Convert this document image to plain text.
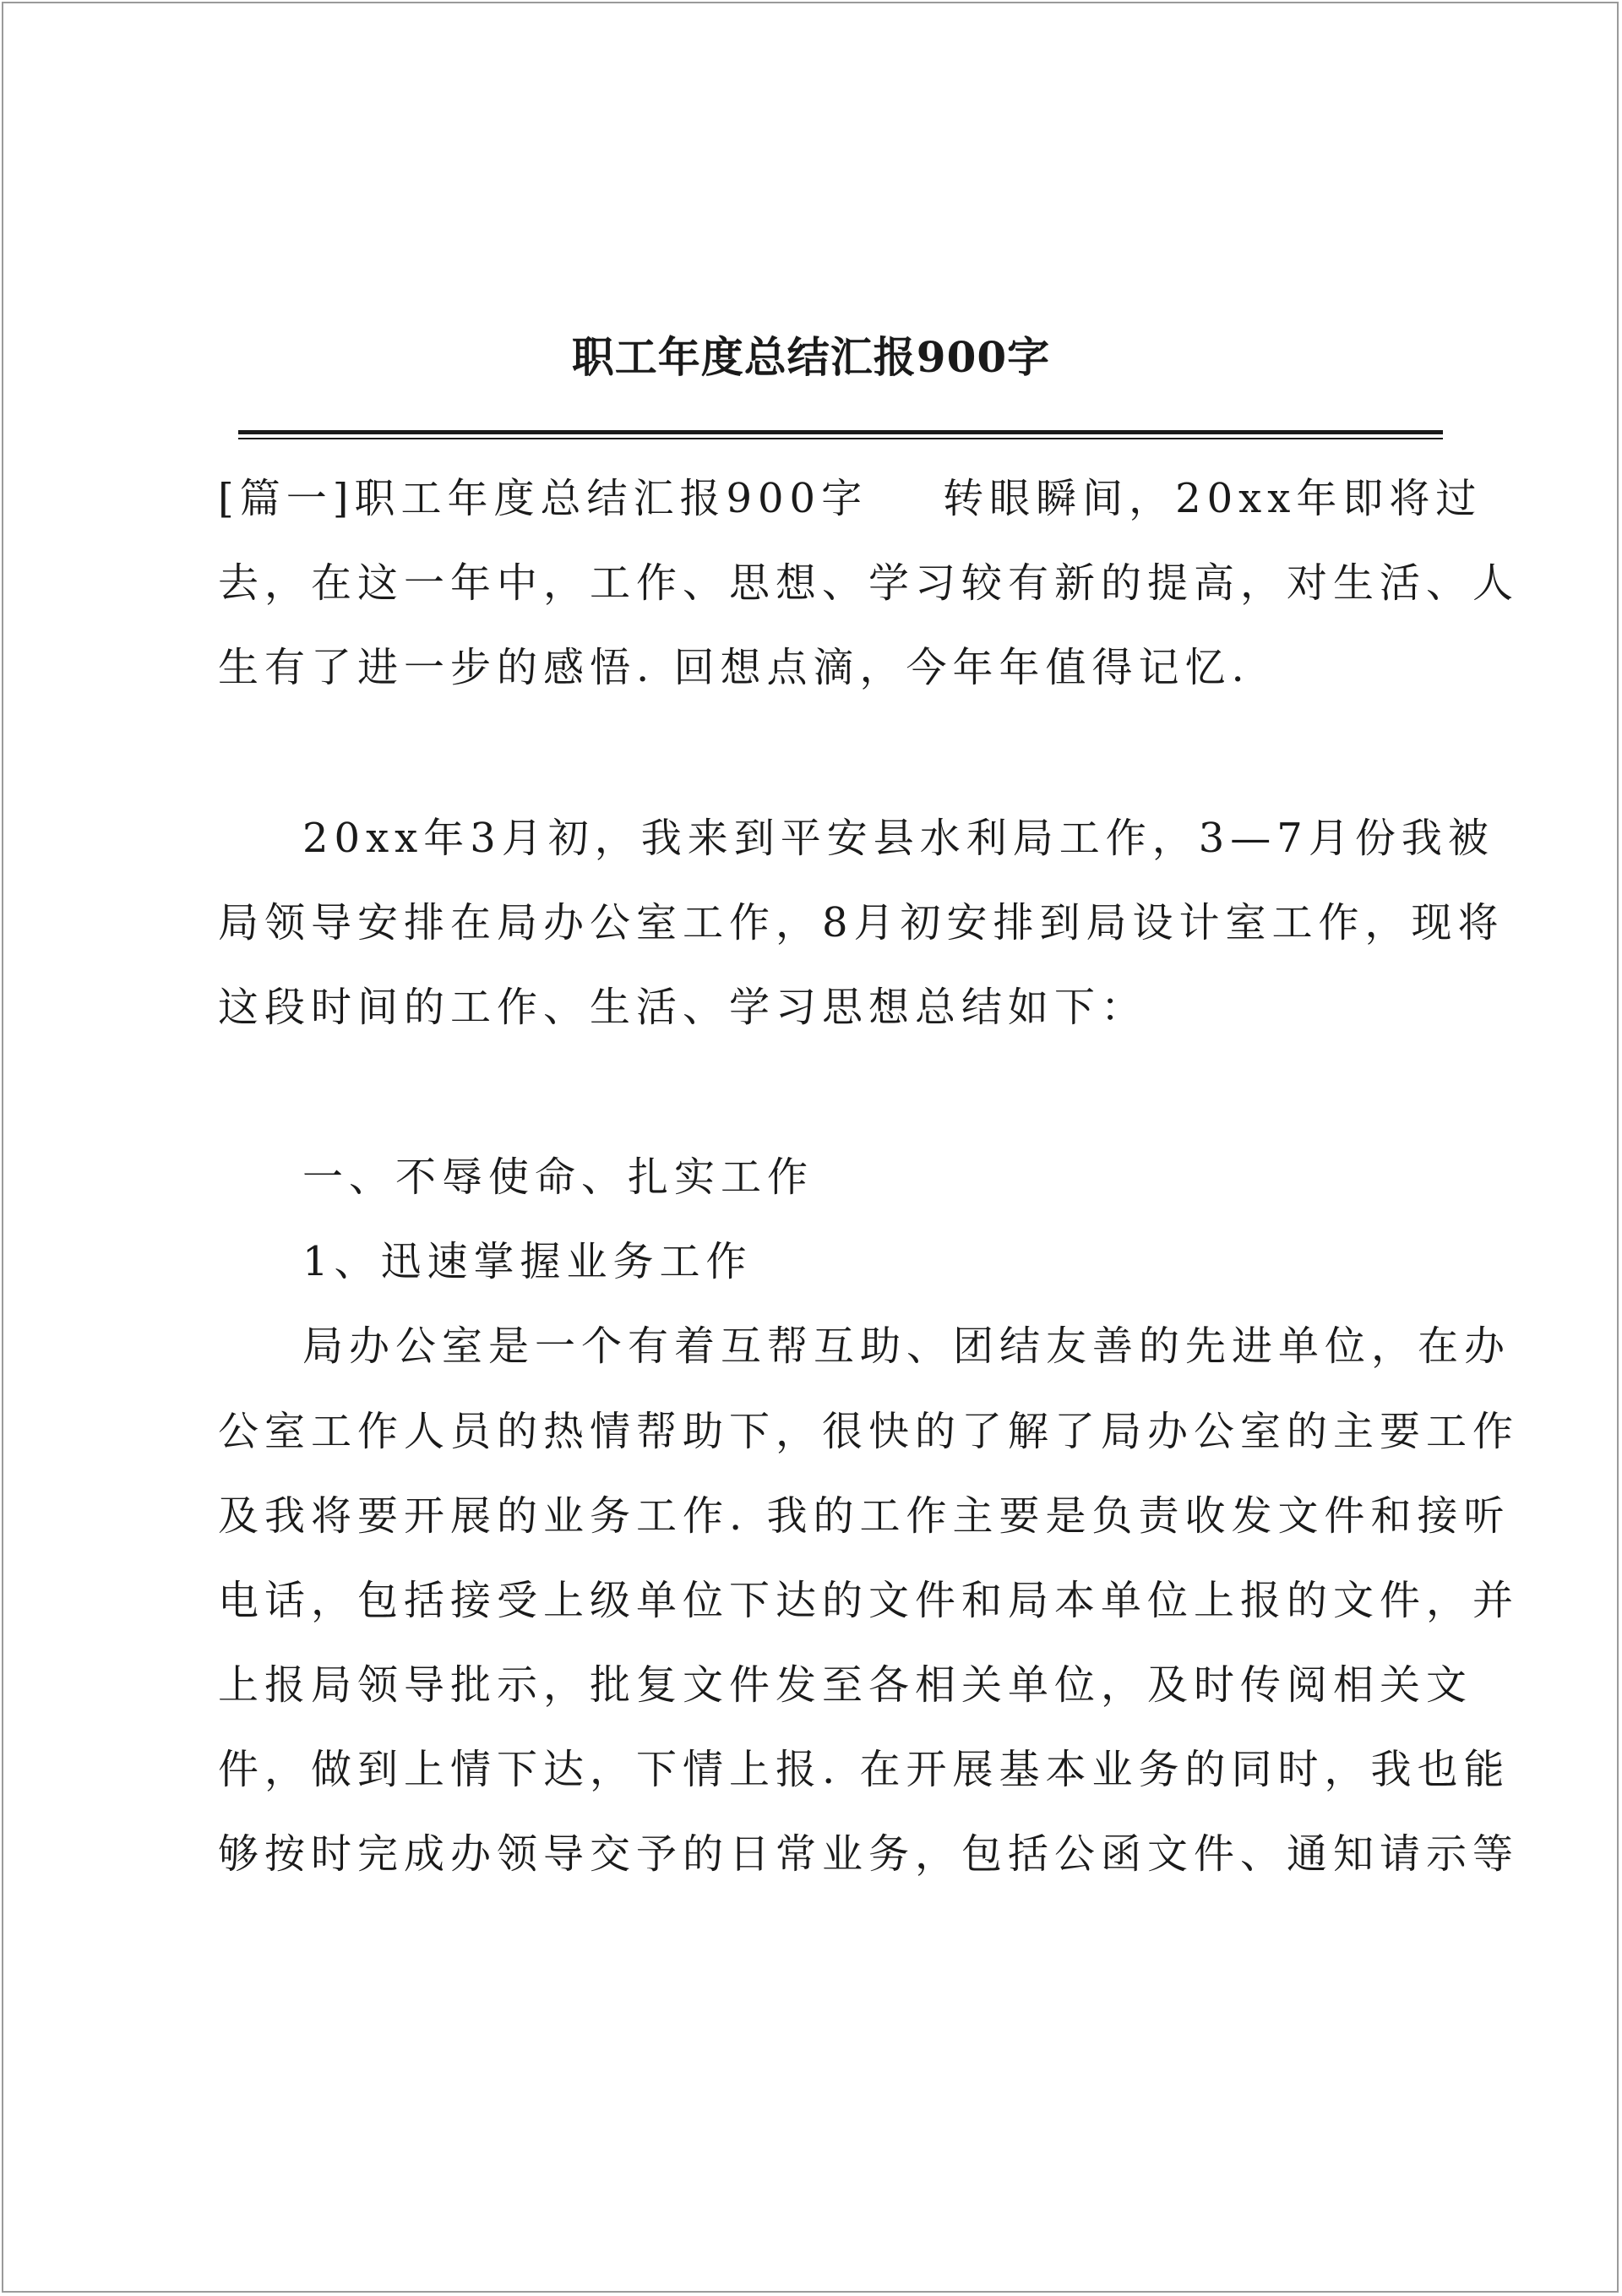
职工年度总结汇报900字
[篇一]职工年度总结汇报900字    转眼瞬间，20xx年即将过
去，在这一年中，工作、思想、学习较有新的提高，对生活、人
生有了进一步的感悟. 回想点滴，今年年值得记忆.
20xx年3月初，我来到平安县水利局工作，3—7月份我被
局领导安排在局办公室工作，8月初安排到局设计室工作，现将
这段时间的工作、生活、学习思想总结如下：
一、不辱使命、扎实工作
1、迅速掌握业务工作
局办公室是一个有着互帮互助、团结友善的先进单位，在办
公室工作人员的热情帮助下，很快的了解了局办公室的主要工作
及我将要开展的业务工作. 我的工作主要是负责收发文件和接听
电话，包括接受上级单位下达的文件和局本单位上报的文件，并
上报局领导批示，批复文件发至各相关单位，及时传阅相关文
件，做到上情下达，下情上报. 在开展基本业务的同时，我也能
够按时完成办领导交予的日常业务，包括公函文件、通知请示等
